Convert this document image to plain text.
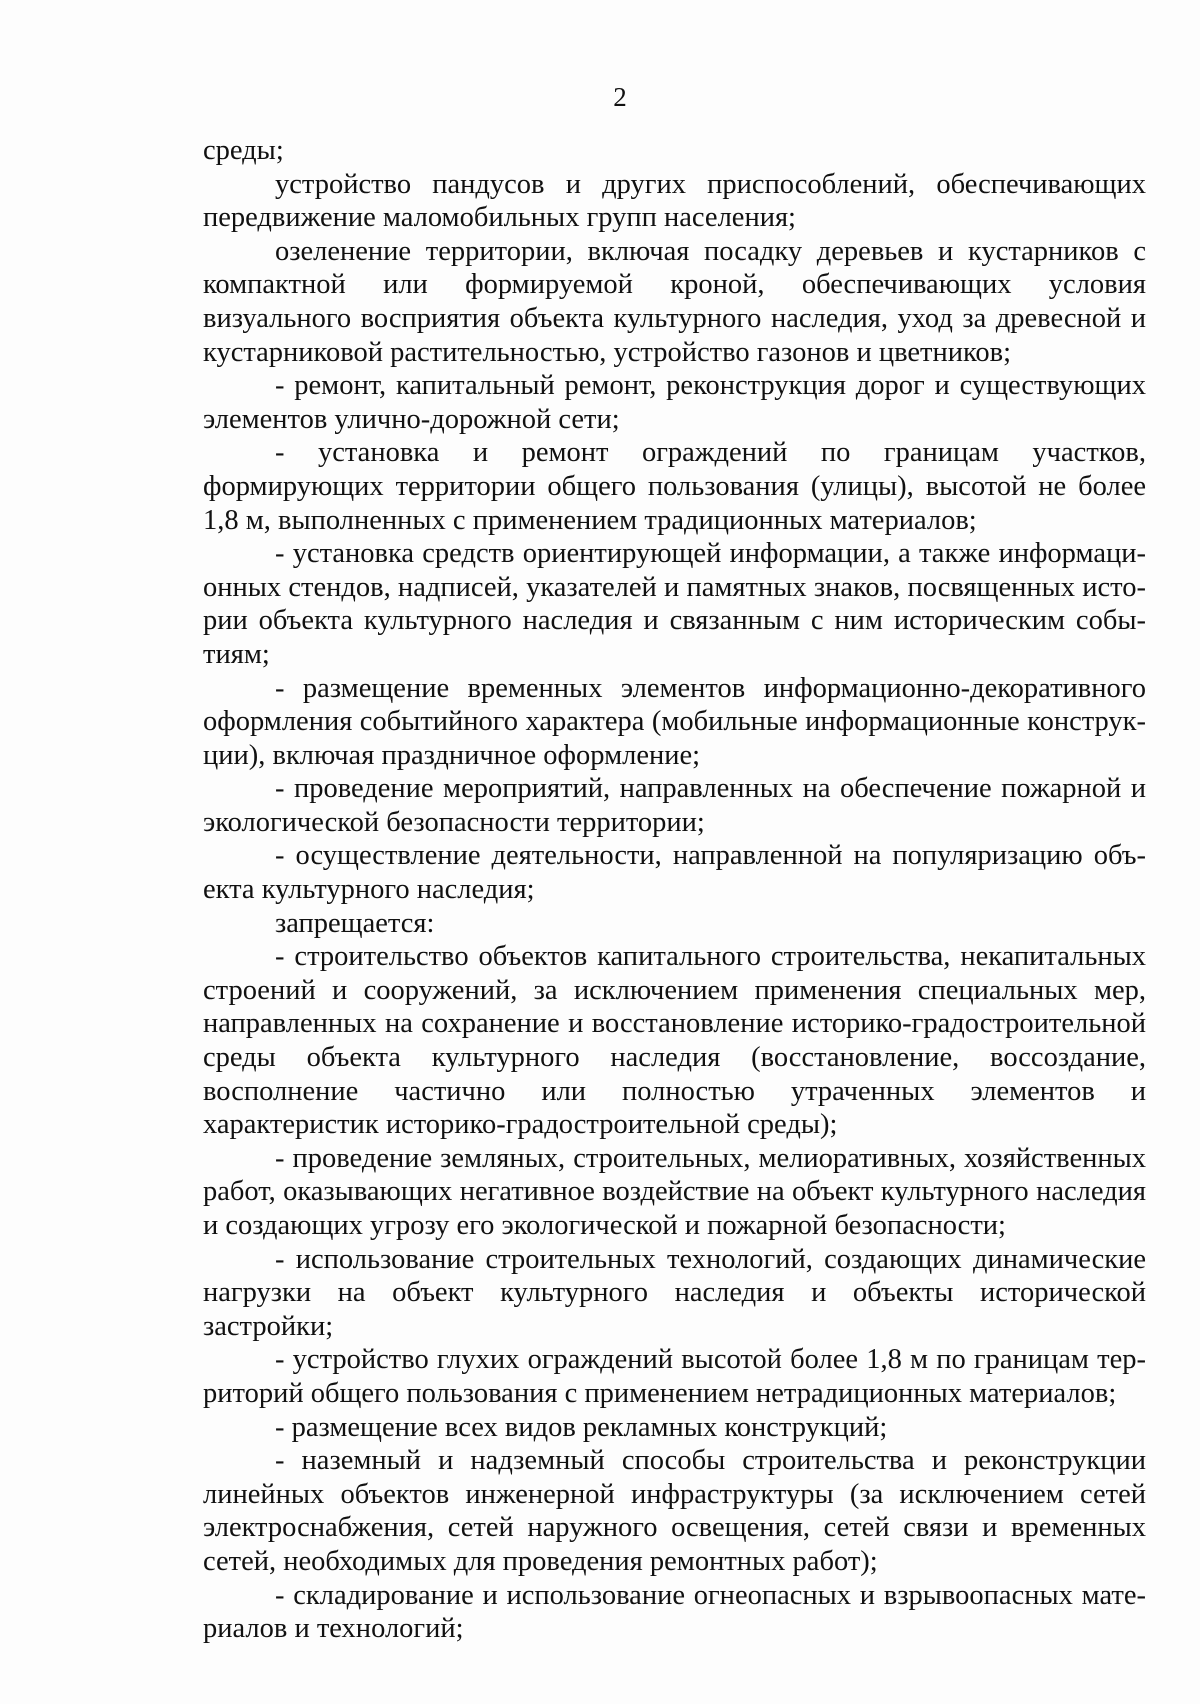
2

среды;

устройство пандусов и других приспособлений, обеспечивающих передвижение маломобильных групп населения;

озеленение территории, включая посадку деревьев и кустарников с компактной или формируемой кроной, обеспечивающих условия визуального восприятия объекта культурного наследия, уход за древесной и кустарниковой растительностью, устройство газонов и цветников;

- ремонт, капитальный ремонт, реконструкция дорог и существующих элементов улично-дорожной сети;

- установка и ремонт ограждений по границам участков, формирующих территории общего пользования (улицы), высотой не более 1,8 м, выполненных с применением традиционных материалов;

- установка средств ориентирующей информации, а также информационных стендов, надписей, указателей и памятных знаков, посвященных истории объекта культурного наследия и связанным с ним историческим событиям;

- размещение временных элементов информационно-декоративного оформления событийного характера (мобильные информационные конструкции), включая праздничное оформление;

- проведение мероприятий, направленных на обеспечение пожарной и экологической безопасности территории;

- осуществление деятельности, направленной на популяризацию объекта культурного наследия;

запрещается:

- строительство объектов капитального строительства, некапитальных строений и сооружений, за исключением применения специальных мер, направленных на сохранение и восстановление историко-градостроительной среды объекта культурного наследия (восстановление, воссоздание, восполнение частично или полностью утраченных элементов и характеристик историко-градостроительной среды);

- проведение земляных, строительных, мелиоративных, хозяйственных работ, оказывающих негативное воздействие на объект культурного наследия и создающих угрозу его экологической и пожарной безопасности;

- использование строительных технологий, создающих динамические нагрузки на объект культурного наследия и объекты исторической застройки;

- устройство глухих ограждений высотой более 1,8 м по границам территорий общего пользования с применением нетрадиционных материалов;

- размещение всех видов рекламных конструкций;

- наземный и надземный способы строительства и реконструкции линейных объектов инженерной инфраструктуры (за исключением сетей электроснабжения, сетей наружного освещения, сетей связи и временных сетей, необходимых для проведения ремонтных работ);

- складирование и использование огнеопасных и взрывоопасных материалов и технологий;
